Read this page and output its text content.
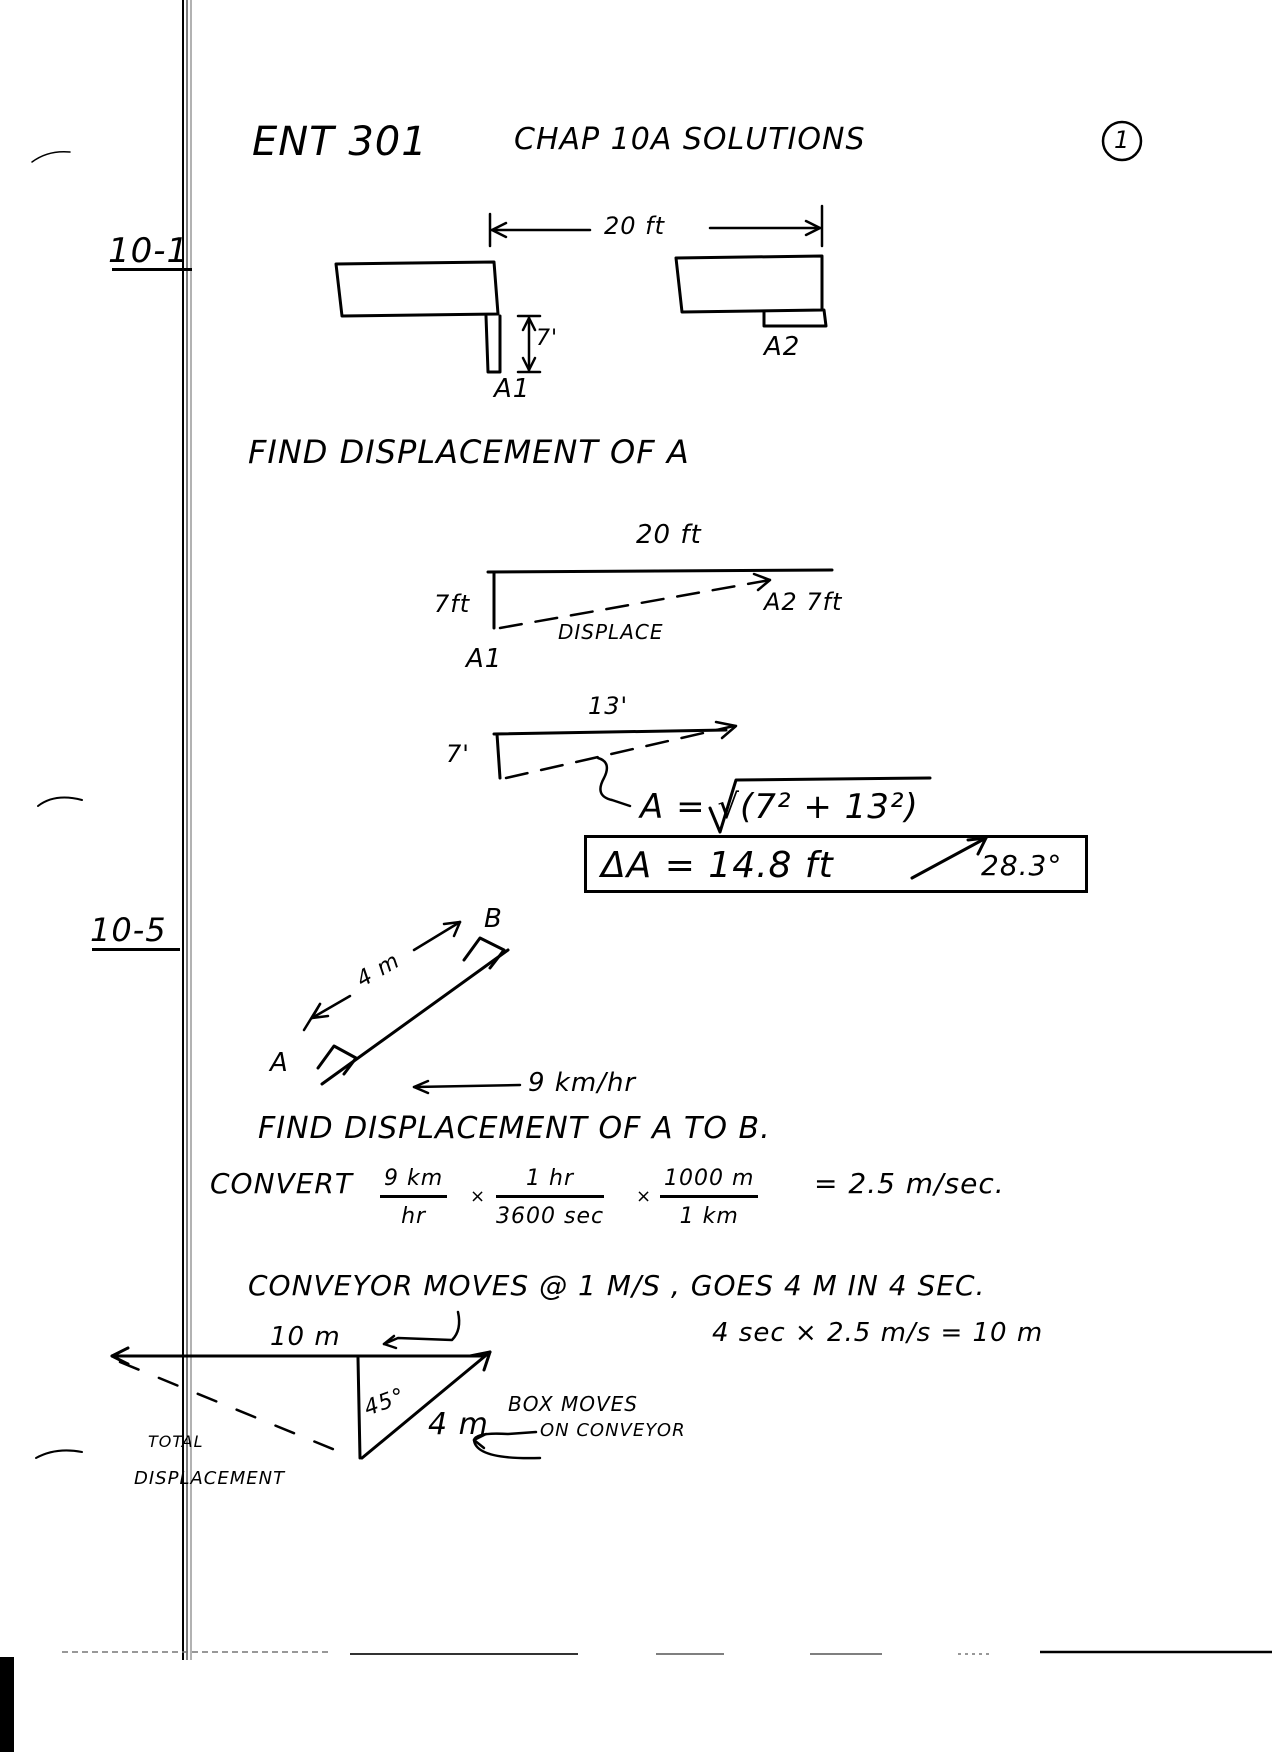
ENT 301	CHAP 10A SOLUTIONS	1
10-1
20 ft
7'
A1
A2
FIND DISPLACEMENT OF A
20 ft
7ft	A2 7ft
A1
DISPLACE
13'
7'
A = √(7² + 13²)
ΔA = 14.8 ft	28.3°
10-5
A
B
4 m
9 km/hr
FIND DISPLACEMENT OF A TO B.
CONVERT $\frac{9 km}{hr}$ ×
1 hr
3600 sec
× $\frac{1000 m}{1 km} = 2.5$ m/sec.
CONVEYOR MOVES @ 1 M/S , GOES 4 M IN 4 SEC.
4 sec × 2.5 m/s = 10 m
10 m
45°
4 m
BOX MOVES
ON CONVEYOR
TOTAL
DISPLACEMENT
